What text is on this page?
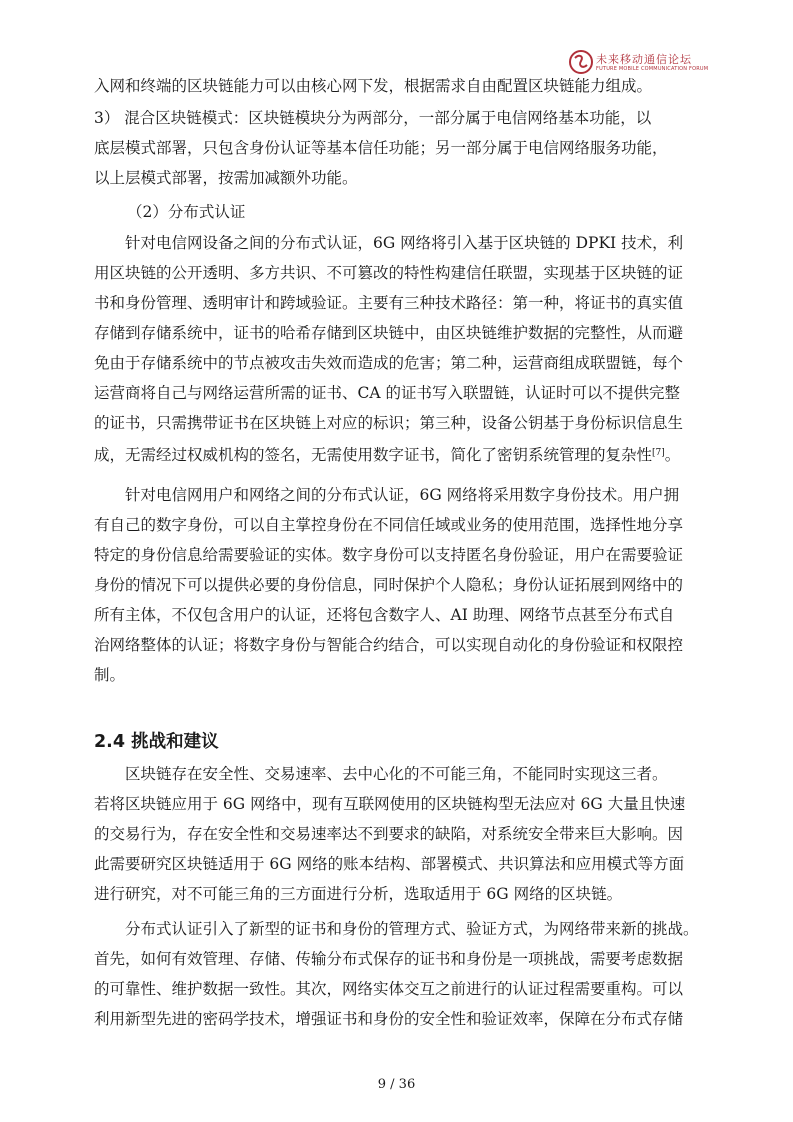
未来移动通信论坛
FUTURE MOBILE COMMUNICATION FORUM
入网和终端的区块链能力可以由核心网下发，根据需求自由配置区块链能力组成。
3） 混合区块链模式：区块链模块分为两部分，一部分属于电信网络基本功能，以
底层模式部署，只包含身份认证等基本信任功能；另一部分属于电信网络服务功能，
以上层模式部署，按需加减额外功能。
（2）分布式认证
针对电信网设备之间的分布式认证，6G 网络将引入基于区块链的 DPKI 技术，利
用区块链的公开透明、多方共识、不可篡改的特性构建信任联盟，实现基于区块链的证
书和身份管理、透明审计和跨域验证。主要有三种技术路径：第一种，将证书的真实值
存储到存储系统中，证书的哈希存储到区块链中，由区块链维护数据的完整性，从而避
免由于存储系统中的节点被攻击失效而造成的危害；第二种，运营商组成联盟链，每个
运营商将自己与网络运营所需的证书、CA 的证书写入联盟链，认证时可以不提供完整
的证书，只需携带证书在区块链上对应的标识；第三种，设备公钥基于身份标识信息生
成，无需经过权威机构的签名，无需使用数字证书，简化了密钥系统管理的复杂性[7]。
针对电信网用户和网络之间的分布式认证，6G 网络将采用数字身份技术。用户拥
有自己的数字身份，可以自主掌控身份在不同信任域或业务的使用范围，选择性地分享
特定的身份信息给需要验证的实体。数字身份可以支持匿名身份验证，用户在需要验证
身份的情况下可以提供必要的身份信息，同时保护个人隐私；身份认证拓展到网络中的
所有主体，不仅包含用户的认证，还将包含数字人、AI 助理、网络节点甚至分布式自
治网络整体的认证；将数字身份与智能合约结合，可以实现自动化的身份验证和权限控
制。
2.4 挑战和建议
区块链存在安全性、交易速率、去中心化的不可能三角，不能同时实现这三者。
若将区块链应用于 6G 网络中，现有互联网使用的区块链构型无法应对 6G 大量且快速
的交易行为，存在安全性和交易速率达不到要求的缺陷，对系统安全带来巨大影响。因
此需要研究区块链适用于 6G 网络的账本结构、部署模式、共识算法和应用模式等方面
进行研究，对不可能三角的三方面进行分析，选取适用于 6G 网络的区块链。
分布式认证引入了新型的证书和身份的管理方式、验证方式，为网络带来新的挑战。
首先，如何有效管理、存储、传输分布式保存的证书和身份是一项挑战，需要考虑数据
的可靠性、维护数据一致性。其次，网络实体交互之前进行的认证过程需要重构。可以
利用新型先进的密码学技术，增强证书和身份的安全性和验证效率，保障在分布式存储
9 / 36
